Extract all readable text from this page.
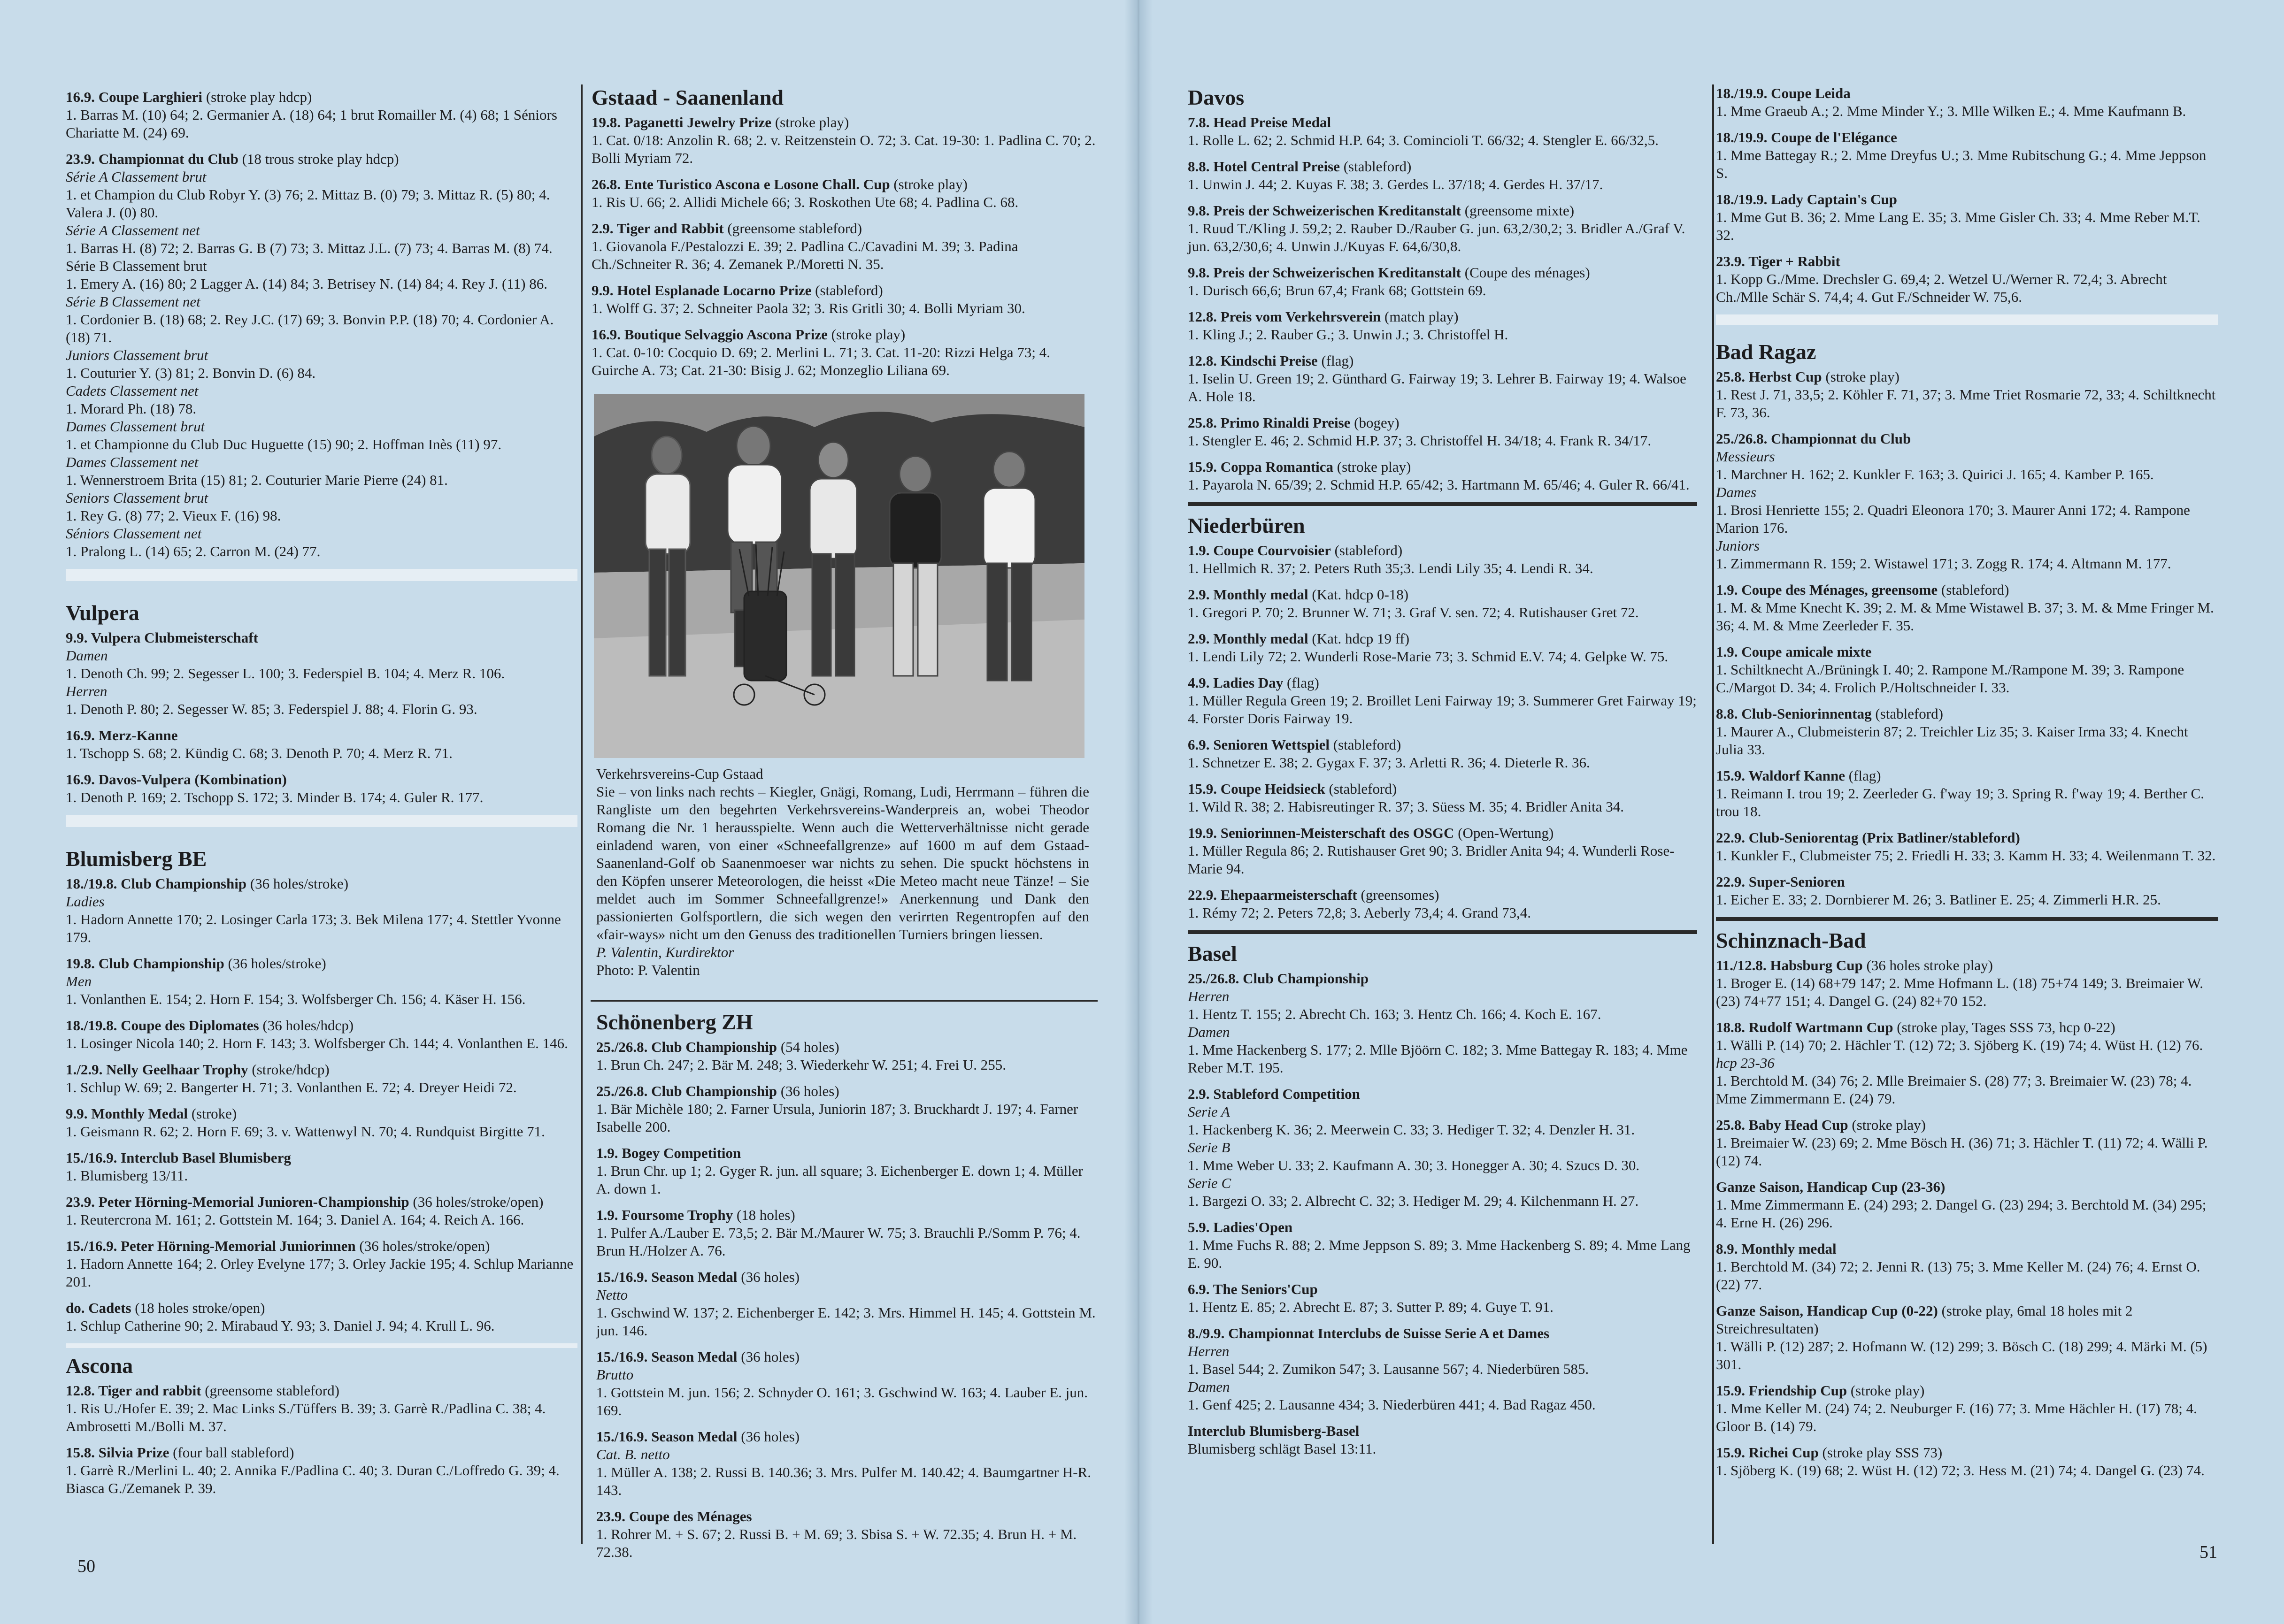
16.9. Coupe Larghieri (stroke play hdcp)

1. Barras M. (10) 64; 2. Germanier A. (18) 64; 1 brut Romailler M. (4) 68; 1 Séniors Chariatte M. (24) 69.

23.9. Championnat du Club (18 trous stroke play hdcp)

Série A Classement brut

1. et Champion du Club Robyr Y. (3) 76; 2. Mittaz B. (0) 79; 3. Mittaz R. (5) 80; 4. Valera J. (0) 80.

Série A Classement net

1. Barras H. (8) 72; 2. Barras G. B (7) 73; 3. Mittaz J.L. (7) 73; 4. Barras M. (8) 74.

Série B Classement brut

1. Emery A. (16) 80; 2 Lagger A. (14) 84; 3. Betrisey N. (14) 84; 4. Rey J. (11) 86.

Série B Classement net

1. Cordonier B. (18) 68; 2. Rey J.C. (17) 69; 3. Bonvin P.P. (18) 70; 4. Cordonier A. (18) 71.

Juniors Classement brut

1. Couturier Y. (3) 81; 2. Bonvin D. (6) 84.

Cadets Classement net

1. Morard Ph. (18) 78.

Dames Classement brut

1. et Championne du Club Duc Huguette (15) 90; 2. Hoffman Inès (11) 97.

Dames Classement net

1. Wennerstroem Brita (15) 81; 2. Couturier Marie Pierre (24) 81.

Seniors Classement brut

1. Rey G. (8) 77; 2. Vieux F. (16) 98.

Séniors Classement net

1. Pralong L. (14) 65; 2. Carron M. (24) 77.

Vulpera

9.9. Vulpera Clubmeisterschaft

Damen

1. Denoth Ch. 99; 2. Segesser L. 100; 3. Federspiel B. 104; 4. Merz R. 106.

Herren

1. Denoth P. 80; 2. Segesser W. 85; 3. Federspiel J. 88; 4. Florin G. 93.

16.9. Merz-Kanne

1. Tschopp S. 68; 2. Kündig C. 68; 3. Denoth P. 70; 4. Merz R. 71.

16.9. Davos-Vulpera (Kombination)

1. Denoth P. 169; 2. Tschopp S. 172; 3. Minder B. 174; 4. Guler R. 177.

Blumisberg BE

18./19.8. Club Championship (36 holes/stroke)

Ladies

1. Hadorn Annette 170; 2. Losinger Carla 173; 3. Bek Milena 177; 4. Stettler Yvonne 179.

19.8. Club Championship (36 holes/stroke)

Men

1. Vonlanthen E. 154; 2. Horn F. 154; 3. Wolfsberger Ch. 156; 4. Käser H. 156.

18./19.8. Coupe des Diplomates (36 holes/hdcp)

1. Losinger Nicola 140; 2. Horn F. 143; 3. Wolfsberger Ch. 144; 4. Vonlanthen E. 146.

1./2.9. Nelly Geelhaar Trophy (stroke/hdcp)

1. Schlup W. 69; 2. Bangerter H. 71; 3. Vonlanthen E. 72; 4. Dreyer Heidi 72.

9.9. Monthly Medal (stroke)

1. Geismann R. 62; 2. Horn F. 69; 3. v. Wattenwyl N. 70; 4. Rundquist Birgitte 71.

15./16.9. Interclub Basel Blumisberg

1. Blumisberg 13/11.

23.9. Peter Hörning-Memorial Junioren-Championship (36 holes/stroke/open)

1. Reutercrona M. 161; 2. Gottstein M. 164; 3. Daniel A. 164; 4. Reich A. 166.

15./16.9. Peter Hörning-Memorial Juniorinnen (36 holes/stroke/open)

1. Hadorn Annette 164; 2. Orley Evelyne 177; 3. Orley Jackie 195; 4. Schlup Marianne 201.

do. Cadets (18 holes stroke/open)

1. Schlup Catherine 90; 2. Mirabaud Y. 93; 3. Daniel J. 94; 4. Krull L. 96.

Ascona

12.8. Tiger and rabbit (greensome stableford)

1. Ris U./Hofer E. 39; 2. Mac Links S./Tüffers B. 39; 3. Garrè R./Padlina C. 38; 4. Ambrosetti M./Bolli M. 37.

15.8. Silvia Prize (four ball stableford)

1. Garrè R./Merlini L. 40; 2. Annika F./Padlina C. 40; 3. Duran C./Loffredo G. 39; 4. Biasca G./Zemanek P. 39.

Gstaad - Saanenland

19.8. Paganetti Jewelry Prize (stroke play)

1. Cat. 0/18: Anzolin R. 68; 2. v. Reitzenstein O. 72; 3. Cat. 19-30: 1. Padlina C. 70; 2. Bolli Myriam 72.

26.8. Ente Turistico Ascona e Losone Chall. Cup (stroke play)

1. Ris U. 66; 2. Allidi Michele 66; 3. Roskothen Ute 68; 4. Padlina C. 68.

2.9. Tiger and Rabbit (greensome stableford)

1. Giovanola F./Pestalozzi E. 39; 2. Padlina C./Cavadini M. 39; 3. Padina Ch./Schneiter R. 36; 4. Zemanek P./Moretti N. 35.

9.9. Hotel Esplanade Locarno Prize (stableford)

1. Wolff G. 37; 2. Schneiter Paola 32; 3. Ris Gritli 30; 4. Bolli Myriam 30.

16.9. Boutique Selvaggio Ascona Prize (stroke play)

1. Cat. 0-10: Cocquio D. 69; 2. Merlini L. 71; 3. Cat. 11-20: Rizzi Helga 73; 4. Guirche A. 73; Cat. 21-30: Bisig J. 62; Monzeglio Liliana 69.

Verkehrsvereins-Cup Gstaad

Sie – von links nach rechts – Kiegler, Gnägi, Romang, Ludi, Herrmann – führen die Rangliste um den begehrten Verkehrsvereins-Wanderpreis an, wobei Theodor Romang die Nr. 1 herausspielte. Wenn auch die Wetterverhältnisse nicht gerade einladend waren, von einer «Schneefallgrenze» auf 1600 m auf dem Gstaad-Saanenland-Golf ob Saanenmoeser war nichts zu sehen. Die spuckt höchstens in den Köpfen unserer Meteorologen, die heisst «Die Meteo macht neue Tänze! – Sie meldet auch im Sommer Schneefallgrenze!» Anerkennung und Dank den passionierten Golfsportlern, die sich wegen den verirrten Regentropfen auf den «fair-ways» nicht um den Genuss des traditionellen Turniers bringen liessen.

P. Valentin, Kurdirektor

Photo: P. Valentin

Schönenberg ZH

25./26.8. Club Championship (54 holes)

1. Brun Ch. 247; 2. Bär M. 248; 3. Wiederkehr W. 251; 4. Frei U. 255.

25./26.8. Club Championship (36 holes)

1. Bär Michèle 180; 2. Farner Ursula, Juniorin 187; 3. Bruckhardt J. 197; 4. Farner Isabelle 200.

1.9. Bogey Competition

1. Brun Chr. up 1; 2. Gyger R. jun. all square; 3. Eichenberger E. down 1; 4. Müller A. down 1.

1.9. Foursome Trophy (18 holes)

1. Pulfer A./Lauber E. 73,5; 2. Bär M./Maurer W. 75; 3. Brauchli P./Somm P. 76; 4. Brun H./Holzer A. 76.

15./16.9. Season Medal (36 holes)

Netto

1. Gschwind W. 137; 2. Eichenberger E. 142; 3. Mrs. Himmel H. 145; 4. Gottstein M. jun. 146.

15./16.9. Season Medal (36 holes)

Brutto

1. Gottstein M. jun. 156; 2. Schnyder O. 161; 3. Gschwind W. 163; 4. Lauber E. jun. 169.

15./16.9. Season Medal (36 holes)

Cat. B. netto

1. Müller A. 138; 2. Russi B. 140.36; 3. Mrs. Pulfer M. 140.42; 4. Baumgartner H-R. 143.

23.9. Coupe des Ménages

1. Rohrer M. + S. 67; 2. Russi B. + M. 69; 3. Sbisa S. + W. 72.35; 4. Brun H. + M. 72.38.

50
Davos

7.8. Head Preise Medal

1. Rolle L. 62; 2. Schmid H.P. 64; 3. Comincioli T. 66/32; 4. Stengler E. 66/32,5.

8.8. Hotel Central Preise (stableford)

1. Unwin J. 44; 2. Kuyas F. 38; 3. Gerdes L. 37/18; 4. Gerdes H. 37/17.

9.8. Preis der Schweizerischen Kreditanstalt (greensome mixte)

1. Ruud T./Kling J. 59,2; 2. Rauber D./Rauber G. jun. 63,2/30,2; 3. Bridler A./Graf V. jun. 63,2/30,6; 4. Unwin J./Kuyas F. 64,6/30,8.

9.8. Preis der Schweizerischen Kreditanstalt (Coupe des ménages)

1. Durisch 66,6; Brun 67,4; Frank 68; Gottstein 69.

12.8. Preis vom Verkehrsverein (match play)

1. Kling J.; 2. Rauber G.; 3. Unwin J.; 3. Christoffel H.

12.8. Kindschi Preise (flag)

1. Iselin U. Green 19; 2. Günthard G. Fairway 19; 3. Lehrer B. Fairway 19; 4. Walsoe A. Hole 18.

25.8. Primo Rinaldi Preise (bogey)

1. Stengler E. 46; 2. Schmid H.P. 37; 3. Christoffel H. 34/18; 4. Frank R. 34/17.

15.9. Coppa Romantica (stroke play)

1. Payarola N. 65/39; 2. Schmid H.P. 65/42; 3. Hartmann M. 65/46; 4. Guler R. 66/41.

Niederbüren

1.9. Coupe Courvoisier (stableford)

1. Hellmich R. 37; 2. Peters Ruth 35;3. Lendi Lily 35; 4. Lendi R. 34.

2.9. Monthly medal (Kat. hdcp 0-18)

1. Gregori P. 70; 2. Brunner W. 71; 3. Graf V. sen. 72; 4. Rutishauser Gret 72.

2.9. Monthly medal (Kat. hdcp 19 ff)

1. Lendi Lily 72; 2. Wunderli Rose-Marie 73; 3. Schmid E.V. 74; 4. Gelpke W. 75.

4.9. Ladies Day (flag)

1. Müller Regula Green 19; 2. Broillet Leni Fairway 19; 3. Summerer Gret Fairway 19; 4. Forster Doris Fairway 19.

6.9. Senioren Wettspiel (stableford)

1. Schnetzer E. 38; 2. Gygax F. 37; 3. Arletti R. 36; 4. Dieterle R. 36.

15.9. Coupe Heidsieck (stableford)

1. Wild R. 38; 2. Habisreutinger R. 37; 3. Süess M. 35; 4. Bridler Anita 34.

19.9. Seniorinnen-Meisterschaft des OSGC (Open-Wertung)

1. Müller Regula 86; 2. Rutishauser Gret 90; 3. Bridler Anita 94; 4. Wunderli Rose-Marie 94.

22.9. Ehepaarmeisterschaft (greensomes)

1. Rémy 72; 2. Peters 72,8; 3. Aeberly 73,4; 4. Grand 73,4.

Basel

25./26.8. Club Championship

Herren

1. Hentz T. 155; 2. Abrecht Ch. 163; 3. Hentz Ch. 166; 4. Koch E. 167.

Damen

1. Mme Hackenberg S. 177; 2. Mlle Bjöörn C. 182; 3. Mme Battegay R. 183; 4. Mme Reber M.T. 195.

2.9. Stableford Competition

Serie A

1. Hackenberg K. 36; 2. Meerwein C. 33; 3. Hediger T. 32; 4. Denzler H. 31.

Serie B

1. Mme Weber U. 33; 2. Kaufmann A. 30; 3. Honegger A. 30; 4. Szucs D. 30.

Serie C

1. Bargezi O. 33; 2. Albrecht C. 32; 3. Hediger M. 29; 4. Kilchenmann H. 27.

5.9. Ladies'Open

1. Mme Fuchs R. 88; 2. Mme Jeppson S. 89; 3. Mme Hackenberg S. 89; 4. Mme Lang E. 90.

6.9. The Seniors'Cup

1. Hentz E. 85; 2. Abrecht E. 87; 3. Sutter P. 89; 4. Guye T. 91.

8./9.9. Championnat Interclubs de Suisse Serie A et Dames

Herren

1. Basel 544; 2. Zumikon 547; 3. Lausanne 567; 4. Niederbüren 585.

Damen

1. Genf 425; 2. Lausanne 434; 3. Niederbüren 441; 4. Bad Ragaz 450.

Interclub Blumisberg-Basel

Blumisberg schlägt Basel 13:11.

18./19.9. Coupe Leida

1. Mme Graeub A.; 2. Mme Minder Y.; 3. Mlle Wilken E.; 4. Mme Kaufmann B.

18./19.9. Coupe de l'Elégance

1. Mme Battegay R.; 2. Mme Dreyfus U.; 3. Mme Rubitschung G.; 4. Mme Jeppson S.

18./19.9. Lady Captain's Cup

1. Mme Gut B. 36; 2. Mme Lang E. 35; 3. Mme Gisler Ch. 33; 4. Mme Reber M.T. 32.

23.9. Tiger + Rabbit

1. Kopp G./Mme. Drechsler G. 69,4; 2. Wetzel U./Werner R. 72,4; 3. Abrecht Ch./Mlle Schär S. 74,4; 4. Gut F./Schneider W. 75,6.

Bad Ragaz

25.8. Herbst Cup (stroke play)

1. Rest J. 71, 33,5; 2. Köhler F. 71, 37; 3. Mme Triet Rosmarie 72, 33; 4. Schiltknecht F. 73, 36.

25./26.8. Championnat du Club

Messieurs

1. Marchner H. 162; 2. Kunkler F. 163; 3. Quirici J. 165; 4. Kamber P. 165.

Dames

1. Brosi Henriette 155; 2. Quadri Eleonora 170; 3. Maurer Anni 172; 4. Rampone Marion 176.

Juniors

1. Zimmermann R. 159; 2. Wistawel 171; 3. Zogg R. 174; 4. Altmann M. 177.

1.9. Coupe des Ménages, greensome (stableford)

1. M. & Mme Knecht K. 39; 2. M. & Mme Wistawel B. 37; 3. M. & Mme Fringer M. 36; 4. M. & Mme Zeerleder F. 35.

1.9. Coupe amicale mixte

1. Schiltknecht A./Brüningk I. 40; 2. Rampone M./Rampone M. 39; 3. Rampone C./Margot D. 34; 4. Frolich P./Holtschneider I. 33.

8.8. Club-Seniorinnentag (stableford)

1. Maurer A., Clubmeisterin 87; 2. Treichler Liz 35; 3. Kaiser Irma 33; 4. Knecht Julia 33.

15.9. Waldorf Kanne (flag)

1. Reimann I. trou 19; 2. Zeerleder G. f'way 19; 3. Spring R. f'way 19; 4. Berther C. trou 18.

22.9. Club-Seniorentag (Prix Batliner/stableford)

1. Kunkler F., Clubmeister 75; 2. Friedli H. 33; 3. Kamm H. 33; 4. Weilenmann T. 32.

22.9. Super-Senioren

1. Eicher E. 33; 2. Dornbierer M. 26; 3. Batliner E. 25; 4. Zimmerli H.R. 25.

Schinznach-Bad

11./12.8. Habsburg Cup (36 holes stroke play)

1. Broger E. (14) 68+79 147; 2. Mme Hofmann L. (18) 75+74 149; 3. Breimaier W. (23) 74+77 151; 4. Dangel G. (24) 82+70 152.

18.8. Rudolf Wartmann Cup (stroke play, Tages SSS 73, hcp 0-22)

1. Wälli P. (14) 70; 2. Hächler T. (12) 72; 3. Sjöberg K. (19) 74; 4. Wüst H. (12) 76.

hcp 23-36

1. Berchtold M. (34) 76; 2. Mlle Breimaier S. (28) 77; 3. Breimaier W. (23) 78; 4. Mme Zimmermann E. (24) 79.

25.8. Baby Head Cup (stroke play)

1. Breimaier W. (23) 69; 2. Mme Bösch H. (36) 71; 3. Hächler T. (11) 72; 4. Wälli P. (12) 74.

Ganze Saison, Handicap Cup (23-36)

1. Mme Zimmermann E. (24) 293; 2. Dangel G. (23) 294; 3. Berchtold M. (34) 295; 4. Erne H. (26) 296.

8.9. Monthly medal

1. Berchtold M. (34) 72; 2. Jenni R. (13) 75; 3. Mme Keller M. (24) 76; 4. Ernst O. (22) 77.

Ganze Saison, Handicap Cup (0-22) (stroke play, 6mal 18 holes mit 2 Streichresultaten)

1. Wälli P. (12) 287; 2. Hofmann W. (12) 299; 3. Bösch C. (18) 299; 4. Märki M. (5) 301.

15.9. Friendship Cup (stroke play)

1. Mme Keller M. (24) 74; 2. Neuburger F. (16) 77; 3. Mme Hächler H. (17) 78; 4. Gloor B. (14) 79.

15.9. Richei Cup (stroke play SSS 73)

1. Sjöberg K. (19) 68; 2. Wüst H. (12) 72; 3. Hess M. (21) 74; 4. Dangel G. (23) 74.

51
